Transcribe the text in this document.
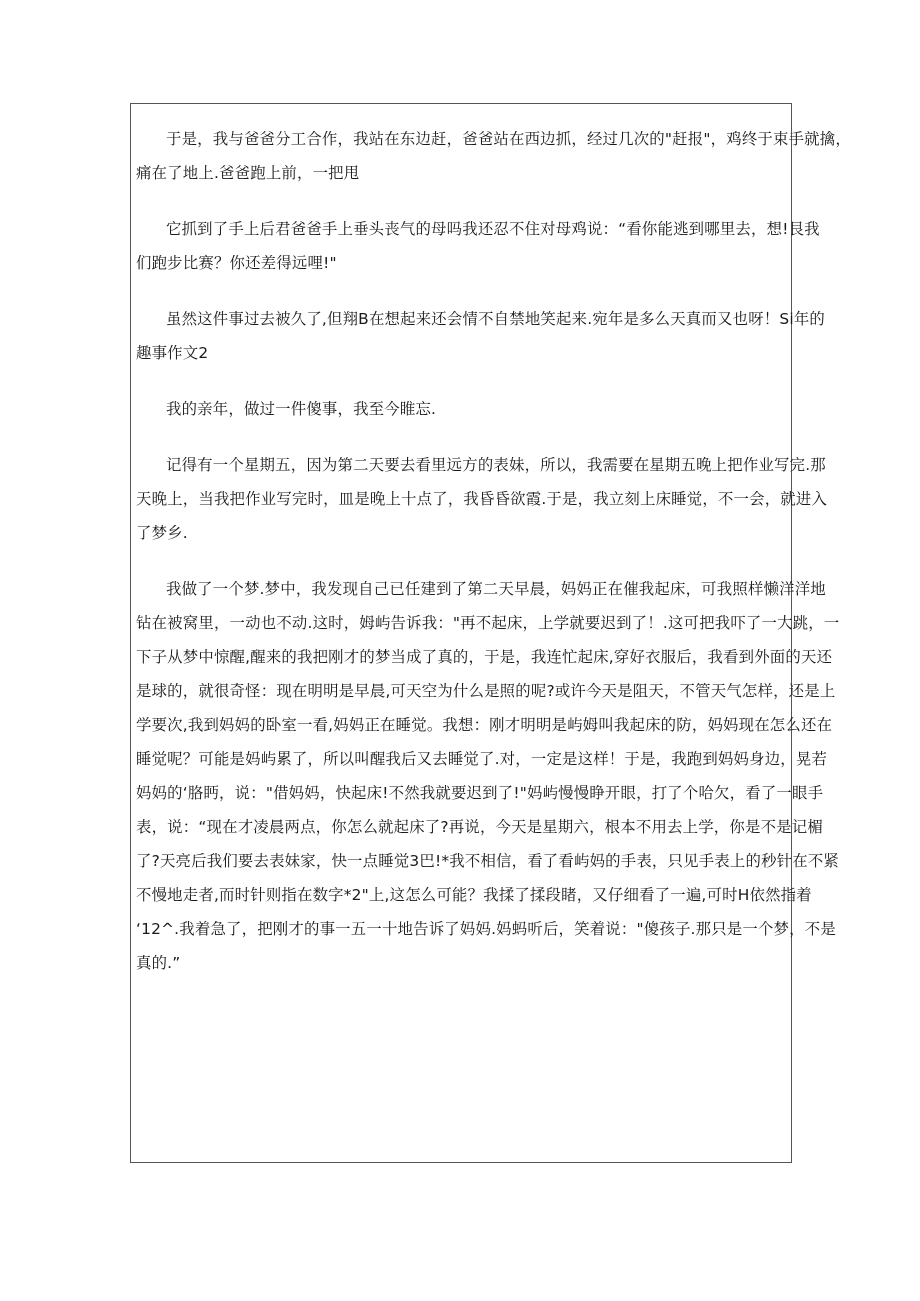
于是，我与爸爸分工合作，我站在东边赶，爸爸站在西边抓，经过几次的"赶报"，鸡终于束手就擒，
痛在了地上.爸爸跑上前，一把甩
它抓到了手上后君爸爸手上垂头丧气的母吗我还忍不住对母鸡说：“看你能逃到哪里去，想!艮我
们跑步比赛？你还差得远哩!"
虽然这件事过去被久了,但翔B在想起来还会情不自禁地笑起来.宛年是多么天真而又也呀！Si年的
趣事作文2
我的亲年，做过一件傻事，我至今睢忘.
记得有一个星期五，因为第二天要去看里远方的表妹，所以，我需要在星期五晚上把作业写完.那
天晚上，当我把作业写完时，皿是晚上十点了，我昏昏欲霞.于是，我立刻上床睡觉，不一会，就进入
了梦乡.
我做了一个梦.梦中，我发现自己已任建到了第二天早晨，妈妈正在催我起床，可我照样懒洋洋地
钻在被窝里，一动也不动.这时，姆屿告诉我："再不起床，上学就要迟到了！.这可把我吓了一大跳，一
下子从梦中惊醒,醒来的我把刚才的梦当成了真的，于是，我连忙起床,穿好衣服后，我看到外面的天还
是球的，就很奇怪：现在明明是早晨,可天空为什么是照的呢?或许今天是阻天，不管天气怎样，还是上
学要次,我到妈妈的卧室一看,妈妈正在睡觉。我想：刚才明明是屿姆叫我起床的防，妈妈现在怎么还在
睡觉呢？可能是妈屿累了，所以叫醒我后又去睡觉了.对，一定是这样！于是，我跑到妈妈身边，晃若
妈妈的‘胳眄，说："借妈妈，快起床!不然我就要迟到了!"妈屿慢慢睁开眼，打了个哈欠，看了一眼手
表，说：“现在才凌晨两点，你怎么就起床了?再说，今天是星期六，根本不用去上学，你是不是记楣
了?天亮后我们要去表妹家，快一点睡觉3巴!*我不相信，看了看屿妈的手表，只见手表上的秒针在不紧
不慢地走者,而时针则指在数字*2"上,这怎么可能？我揉了揉段睹，又仔细看了一遍,可时H依然指着
‘12^.我着急了，把刚才的事一五一十地告诉了妈妈.妈蚂听后，笑着说："傻孩子.那只是一个梦，不是
真的.”
